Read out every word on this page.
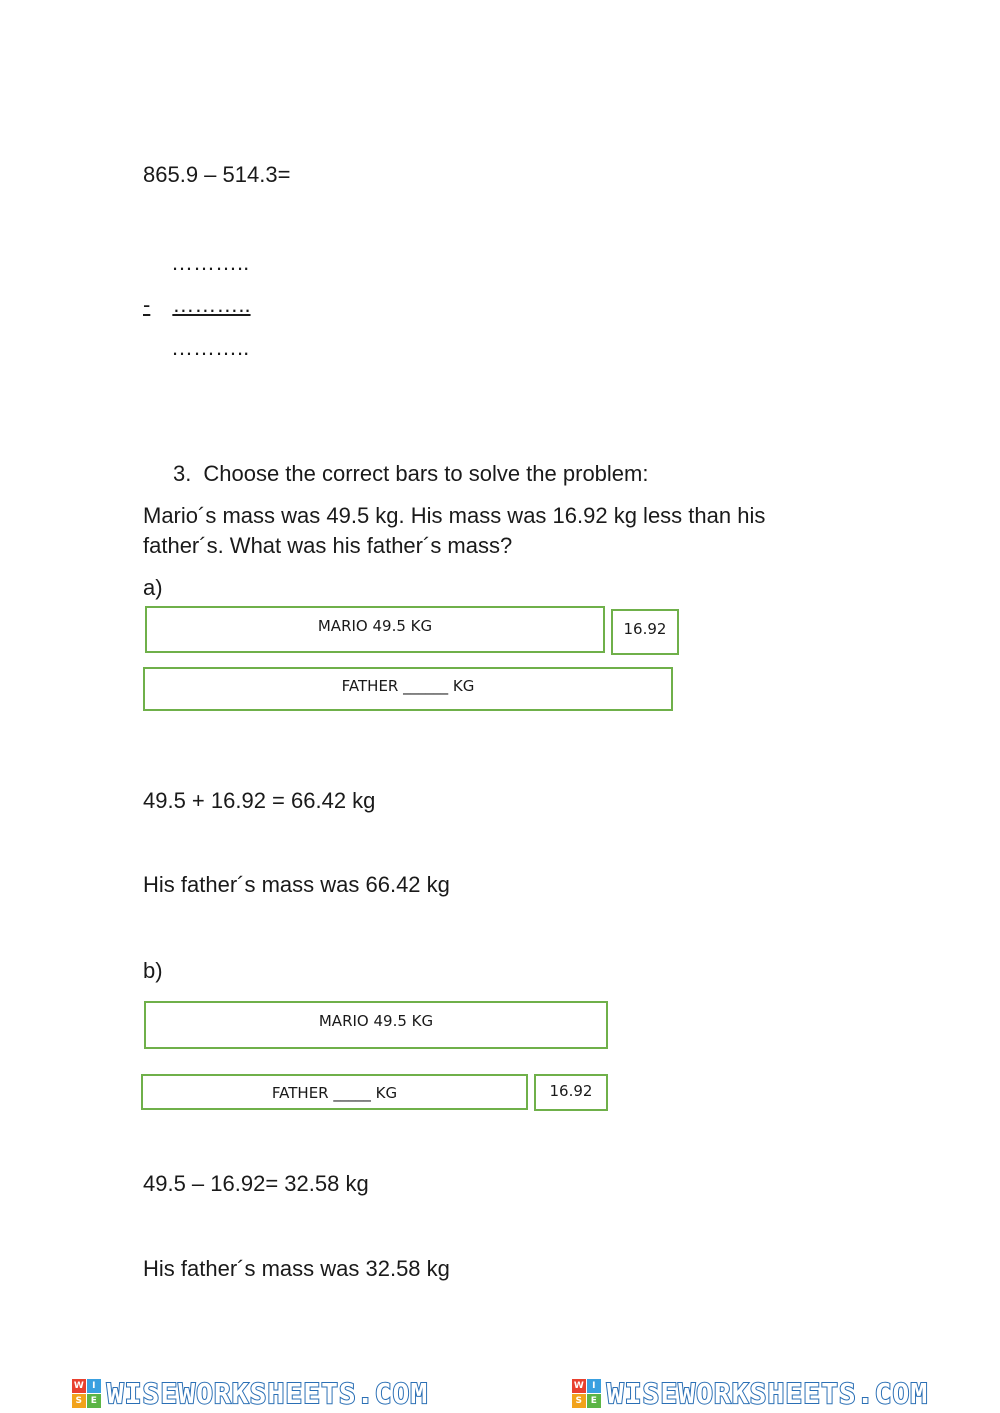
865.9 – 514.3=
………..
- ………..
………..
3. Choose the correct bars to solve the problem:
Mario´s mass was 49.5 kg. His mass was 16.92 kg less than his
father´s. What was his father´s mass?
a)
MARIO 49.5 KG	16.92
FATHER ______ KG
49.5 + 16.92 = 66.42 kg
His father´s mass was 66.42 kg
b)
MARIO 49.5 KG
FATHER _____ KG	16.92
49.5 – 16.92= 32.58 kg
His father´s mass was 32.58 kg
W I
S E WISEWORKSHEETS.COM	W I
S E WISEWORKSHEETS.COM
